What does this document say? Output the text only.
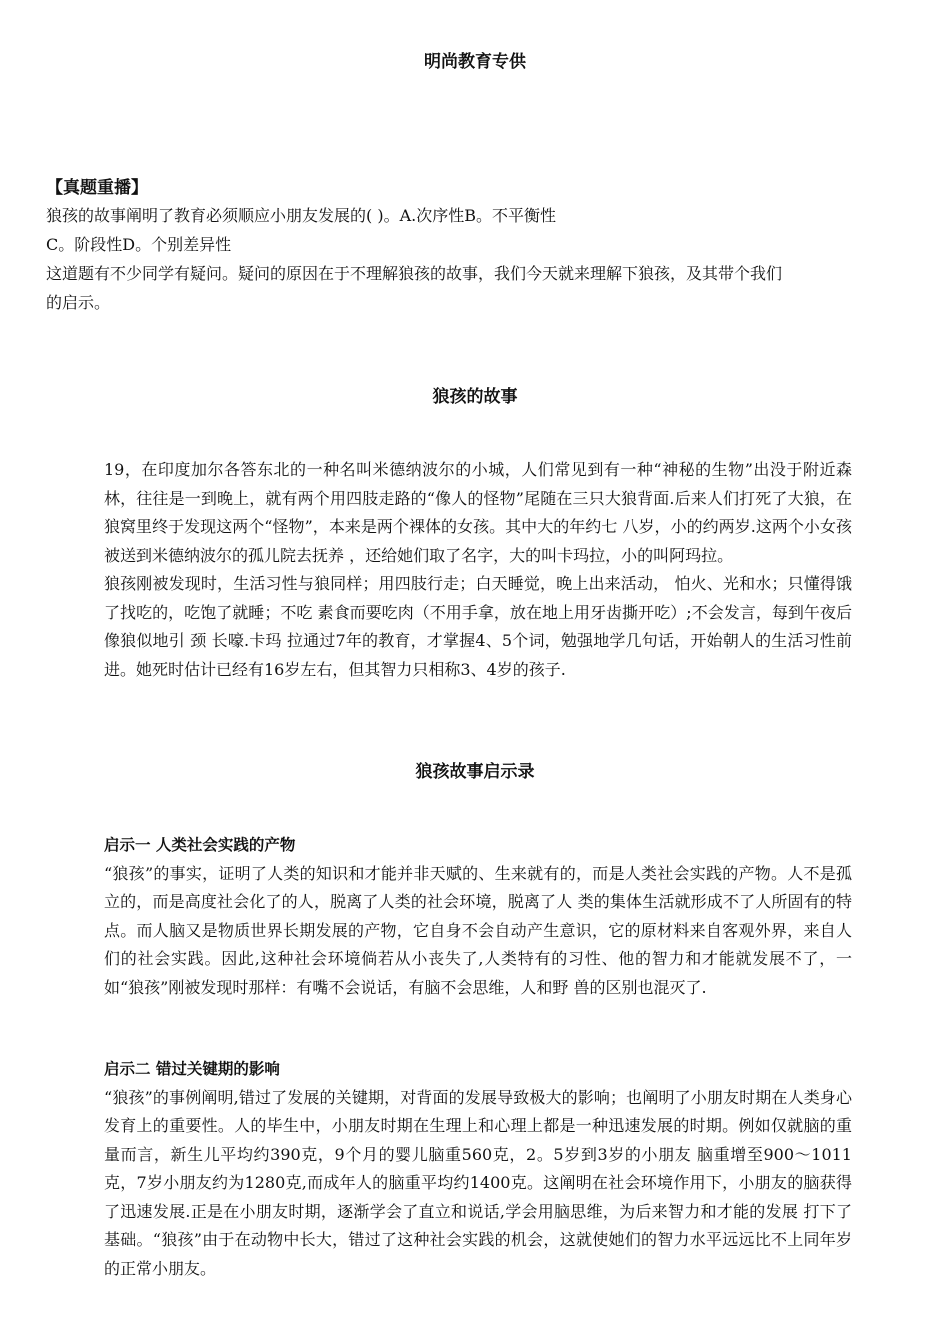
明尚教育专供
【真题重播】
狼孩的故事阐明了教育必须顺应小朋友发展的( )。A.次序性B。不平衡性
C。阶段性D。个别差异性
这道题有不少同学有疑问。疑问的原因在于不理解狼孩的故事，我们今天就来理解下狼孩，及其带个我们
的启示。
狼孩的故事

19，在印度加尔各答东北的一种名叫米德纳波尔的小城，人们常见到有一种“神秘的生物”出没于附近森林，往往是一到晚上，就有两个用四肢走路的“像人的怪物”尾随在三只大狼背面.后来人们打死了大狼，在狼窝里终于发现这两个“怪物”，本来是两个裸体的女孩。其中大的年约七 八岁，小的约两岁.这两个小女孩被送到米德纳波尔的孤儿院去抚养 ，还给她们取了名字，大的叫卡玛拉，小的叫阿玛拉。

狼孩刚被发现时，生活习性与狼同样；用四肢行走；白天睡觉，晚上出来活动， 怕火、光和水；只懂得饿了找吃的，吃饱了就睡；不吃 素食而要吃肉（不用手拿，放在地上用牙齿撕开吃）;不会发言，每到午夜后像狼似地引 颈 长嚎.卡玛 拉通过7年的教育，才掌握4、5个词，勉强地学几句话，开始朝人的生活习性前进。她死时估计已经有16岁左右，但其智力只相称3、4岁的孩子.

狼孩故事启示录
启示一 人类社会实践的产物

“狼孩”的事实，证明了人类的知识和才能并非天赋的、生来就有的，而是人类社会实践的产物。人不是孤立的，而是高度社会化了的人，脱离了人类的社会环境，脱离了人 类的集体生活就形成不了人所固有的特点。而人脑又是物质世界长期发展的产物，它自身不会自动产生意识，它的原材料来自客观外界，来自人们的社会实践。因此,这种社会环境倘若从小丧失了,人类特有的习性、他的智力和才能就发展不了，一如“狼孩”刚被发现时那样：有嘴不会说话，有脑不会思维，人和野 兽的区别也混灭了.

启示二 错过关键期的影响

“狼孩”的事例阐明,错过了发展的关键期，对背面的发展导致极大的影响；也阐明了小朋友时期在人类身心发育上的重要性。人的毕生中，小朋友时期在生理上和心理上都是一种迅速发展的时期。例如仅就脑的重量而言，新生儿平均约390克，9个月的婴儿脑重560克，2。5岁到3岁的小朋友 脑重增至900～1011克，7岁小朋友约为1280克,而成年人的脑重平均约1400克。这阐明在社会环境作用下，小朋友的脑获得了迅速发展.正是在小朋友时期，逐渐学会了直立和说话,学会用脑思维，为后来智力和才能的发展 打下了基础。“狼孩”由于在动物中长大，错过了这种社会实践的机会，这就使她们的智力水平远远比不上同年岁的正常小朋友。
